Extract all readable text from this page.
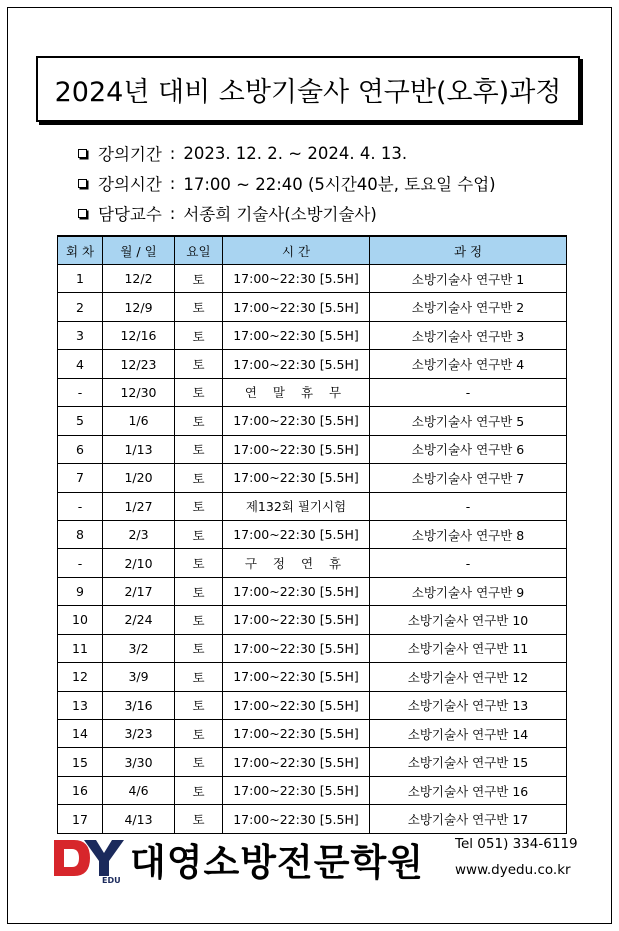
2024년 대비 소방기술사 연구반(오후)과정
강의기간 : 2023. 12. 2. ~ 2024. 4. 13.
강의시간 : 17:00 ~ 22:40 (5시간40분, 토요일 수업)
담당교수 : 서종희 기술사(소방기술사)
회 차	월 / 일	요일	시 간	과 정
1	12/2	토	17:00~22:30 [5.5H]	소방기술사 연구반 1
2	12/9	토	17:00~22:30 [5.5H]	소방기술사 연구반 2
3	12/16	토	17:00~22:30 [5.5H]	소방기술사 연구반 3
4	12/23	토	17:00~22:30 [5.5H]	소방기술사 연구반 4
-	12/30	토	연 말 휴 무	-
5	1/6	토	17:00~22:30 [5.5H]	소방기술사 연구반 5
6	1/13	토	17:00~22:30 [5.5H]	소방기술사 연구반 6
7	1/20	토	17:00~22:30 [5.5H]	소방기술사 연구반 7
-	1/27	토	제132회 필기시험	-
8	2/3	토	17:00~22:30 [5.5H]	소방기술사 연구반 8
-	2/10	토	구 정 연 휴	-
9	2/17	토	17:00~22:30 [5.5H]	소방기술사 연구반 9
10	2/24	토	17:00~22:30 [5.5H]	소방기술사 연구반 10
11	3/2	토	17:00~22:30 [5.5H]	소방기술사 연구반 11
12	3/9	토	17:00~22:30 [5.5H]	소방기술사 연구반 12
13	3/16	토	17:00~22:30 [5.5H]	소방기술사 연구반 13
14	3/23	토	17:00~22:30 [5.5H]	소방기술사 연구반 14
15	3/30	토	17:00~22:30 [5.5H]	소방기술사 연구반 15
16	4/6	토	17:00~22:30 [5.5H]	소방기술사 연구반 16
17	4/13	토	17:00~22:30 [5.5H]	소방기술사 연구반 17
EDU 대영소방전문학원 Tel 051) 334-6119
www.dyedu.co.kr
